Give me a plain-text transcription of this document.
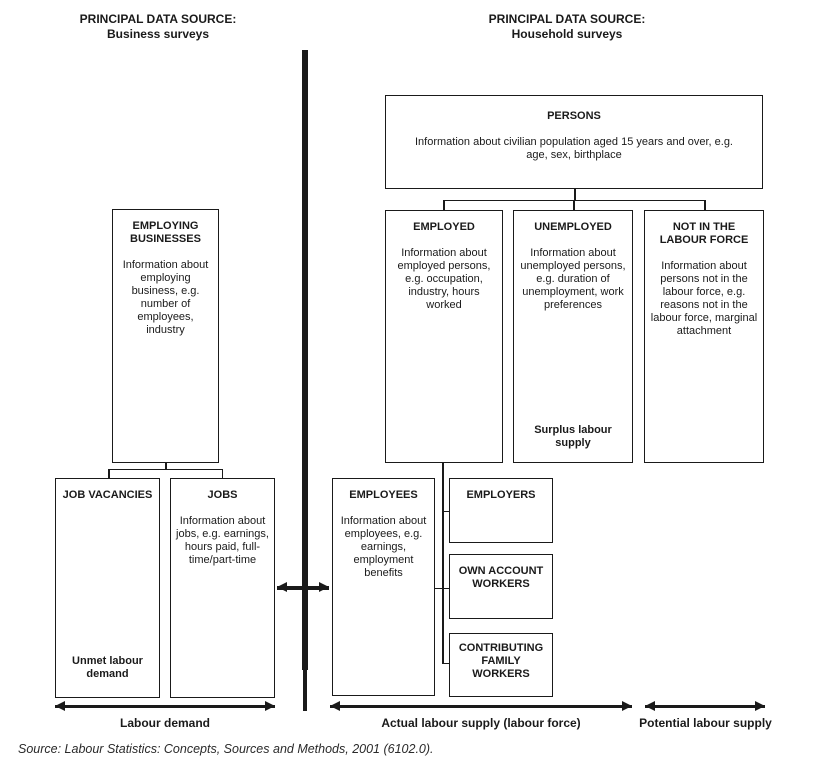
PRINCIPAL DATA SOURCE:
Business surveys
PRINCIPAL DATA SOURCE:
Household surveys
PERSONS
Information about civilian population aged 15 years and over, e.g. age, sex, birthplace
EMPLOYING BUSINESSES
Information about employing business, e.g. number of employees, industry
EMPLOYED
Information about employed persons, e.g. occupation, industry, hours worked
UNEMPLOYED
Information about unemployed persons, e.g. duration of unemployment, work preferences
Surplus labour supply
NOT IN THE LABOUR FORCE
Information about persons not in the labour force, e.g. reasons not in the labour force, marginal attachment
JOB VACANCIES
Unmet labour demand
JOBS
Information about jobs, e.g. earnings, hours paid, full-time/part-time
EMPLOYEES
Information about employees, e.g. earnings, employment benefits
EMPLOYERS
OWN ACCOUNT WORKERS
CONTRIBUTING FAMILY WORKERS
Labour demand	Actual labour supply (labour force)	Potential labour supply
Source: Labour Statistics: Concepts, Sources and Methods, 2001 (6102.0).
